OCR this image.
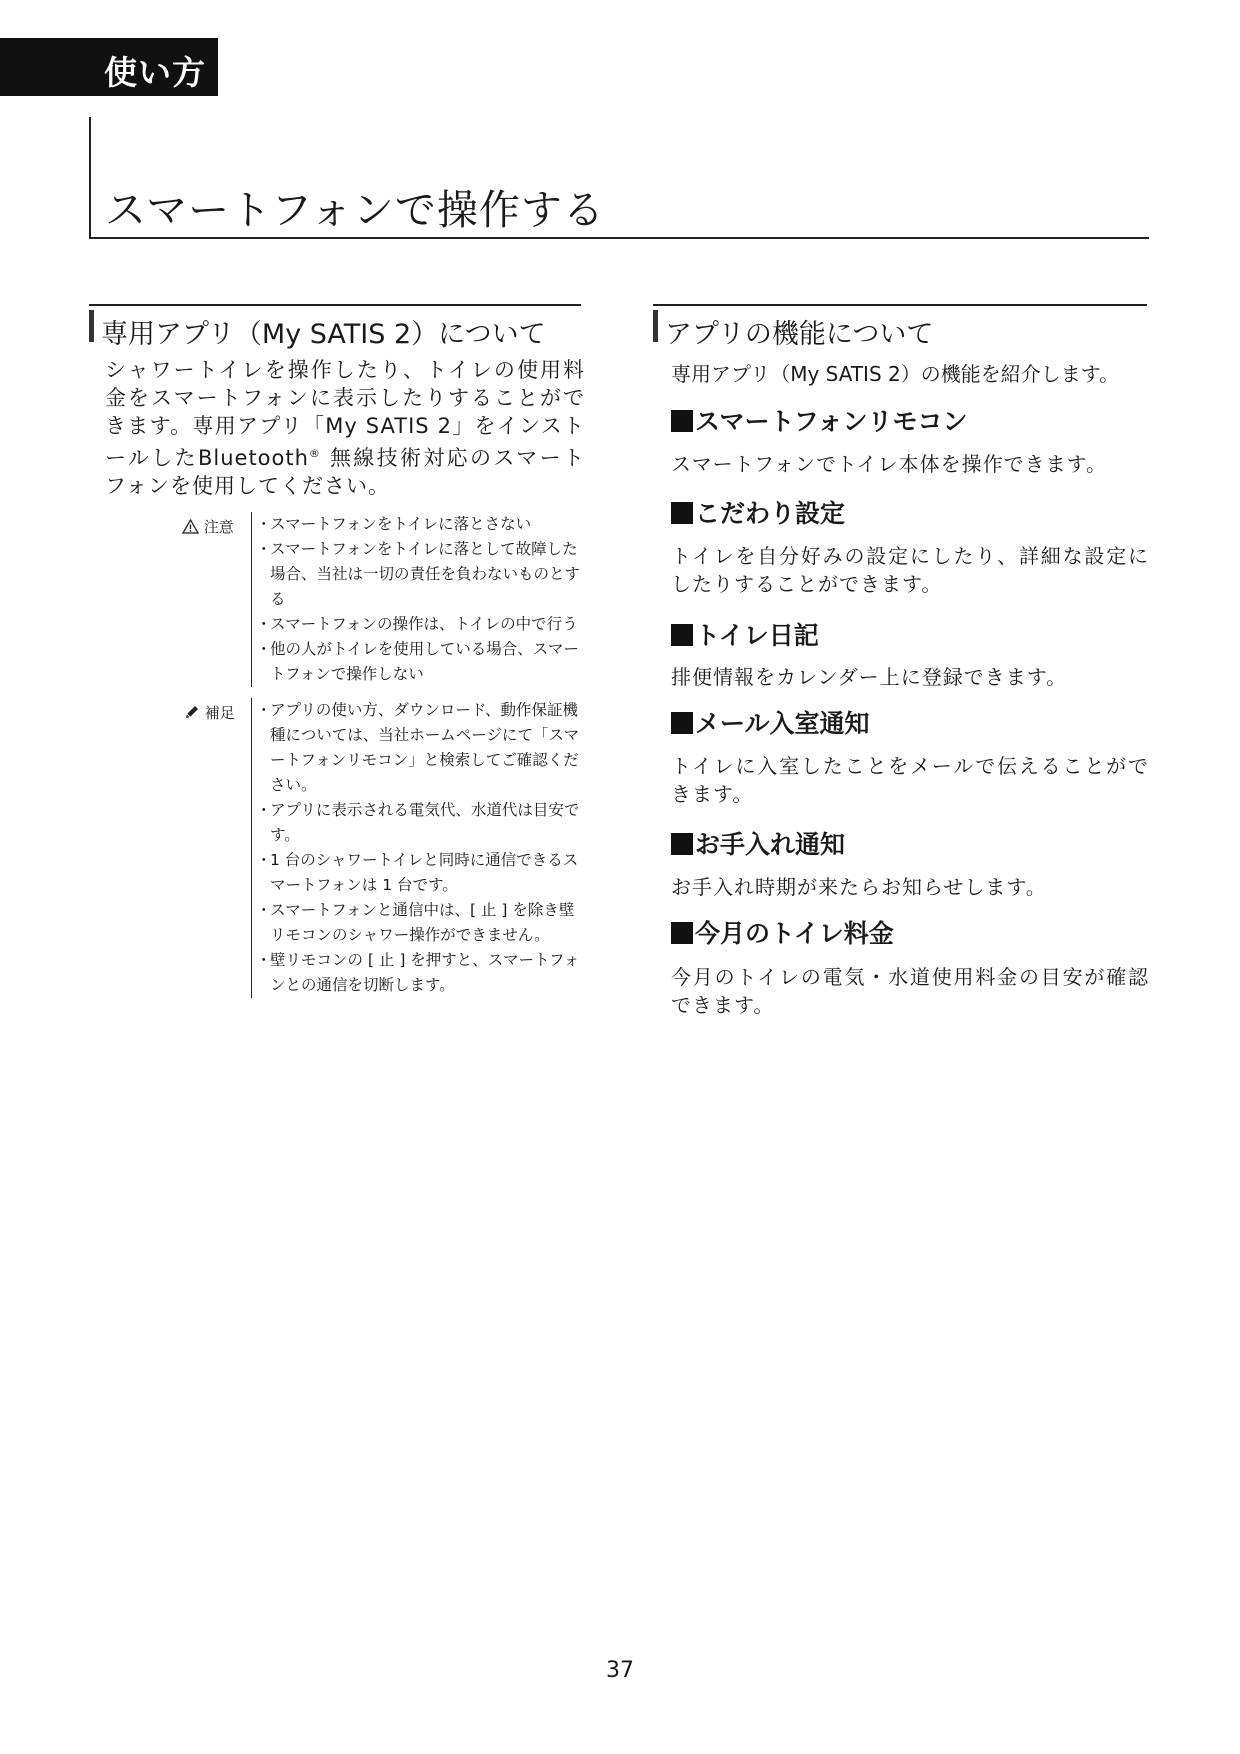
使い方
スマートフォンで操作する
専用アプリ（My SATIS 2）について

シャワートイレを操作したり、トイレの使用料金をスマートフォンに表示したりすることができます。専用アプリ「My SATIS 2」をインストールしたBluetooth® 無線技術対応のスマートフォンを使用してください。

注意	・ スマートフォンをトイレに落とさない
・ スマートフォンをトイレに落として故障した場合、当社は一切の責任を負わないものとする
・ スマートフォンの操作は、トイレの中で行う
・ 他の人がトイレを使用している場合、スマートフォンで操作しない
補足	・ アプリの使い方、ダウンロード、動作保証機種については、当社ホームページにて「スマートフォンリモコン」と検索してご確認ください。
・ アプリに表示される電気代、水道代は目安です。
・ 1 台のシャワートイレと同時に通信できるスマートフォンは 1 台です。
・ スマートフォンと通信中は、[ 止 ] を除き壁リモコンのシャワー操作ができません。
・ 壁リモコンの [ 止 ] を押すと、スマートフォンとの通信を切断します。
アプリの機能について

専用アプリ（My SATIS 2）の機能を紹介します。

スマートフォンリモコン

スマートフォンでトイレ本体を操作できます。

こだわり設定

トイレを自分好みの設定にしたり、詳細な設定にしたりすることができます。

トイレ日記

排便情報をカレンダー上に登録できます。

メール入室通知

トイレに入室したことをメールで伝えることができます。

お手入れ通知

お手入れ時期が来たらお知らせします。

今月のトイレ料金

今月のトイレの電気・水道使用料金の目安が確認できます。

37
